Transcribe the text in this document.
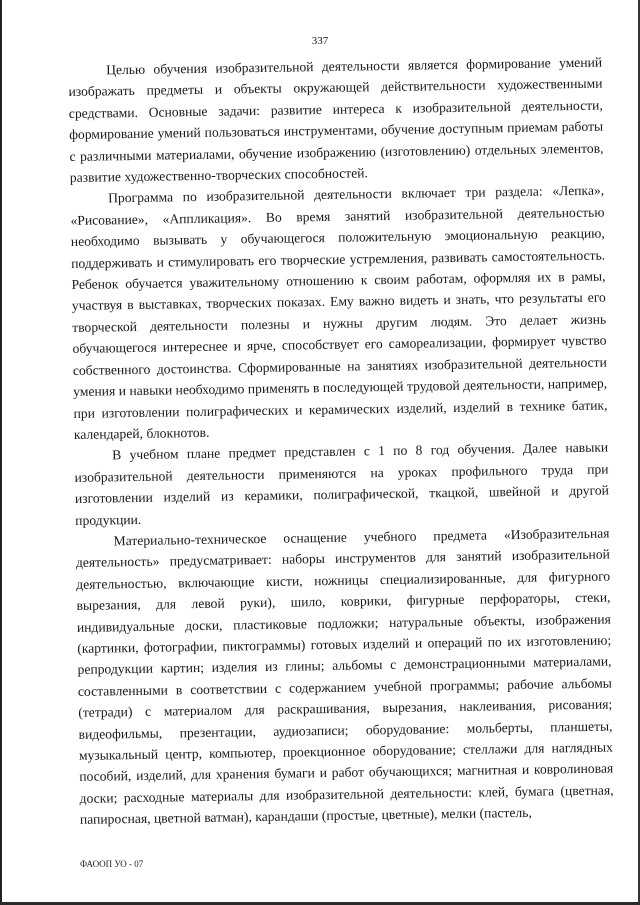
337

Целью обучения изобразительной деятельности является формирование умений изображать предметы и объекты окружающей действительности художественными средствами. Основные задачи: развитие интереса к изобразительной деятельности, формирование умений пользоваться инструментами, обучение доступным приемам работы с различными материалами, обучение изображению (изготовлению) отдельных элементов, развитие художественно-творческих способностей.

Программа по изобразительной деятельности включает три раздела: «Лепка», «Рисование», «Аппликация». Во время занятий изобразительной деятельностью необходимо вызывать у обучающегося положительную эмоциональную реакцию, поддерживать и стимулировать его творческие устремления, развивать самостоятельность. Ребенок обучается уважительному отношению к своим работам, оформляя их в рамы, участвуя в выставках, творческих показах. Ему важно видеть и знать, что результаты его творческой деятельности полезны и нужны другим людям. Это делает жизнь обучающегося интереснее и ярче, способствует его самореализации, формирует чувство собственного достоинства. Сформированные на занятиях изобразительной деятельности умения и навыки необходимо применять в последующей трудовой деятельности, например, при изготовлении полиграфических и керамических изделий, изделий в технике батик, календарей, блокнотов.

В учебном плане предмет представлен с 1 по 8 год обучения. Далее навыки изобразительной деятельности применяются на уроках профильного труда при изготовлении изделий из керамики, полиграфической, ткацкой, швейной и другой продукции.

Материально-техническое оснащение учебного предмета «Изобразительная деятельность» предусматривает: наборы инструментов для занятий изобразительной деятельностью, включающие кисти, ножницы специализированные, для фигурного вырезания, для левой руки), шило, коврики, фигурные перфораторы, стеки, индивидуальные доски, пластиковые подложки; натуральные объекты, изображения (картинки, фотографии, пиктограммы) готовых изделий и операций по их изготовлению; репродукции картин; изделия из глины; альбомы с демонстрационными материалами, составленными в соответствии с содержанием учебной программы; рабочие альбомы (тетради) с материалом для раскрашивания, вырезания, наклеивания, рисования; видеофильмы, презентации, аудиозаписи; оборудование: мольберты, планшеты, музыкальный центр, компьютер, проекционное оборудование; стеллажи для наглядных пособий, изделий, для хранения бумаги и работ обучающихся; магнитная и ковролиновая доски; расходные материалы для изобразительной деятельности: клей, бумага (цветная, папиросная, цветной ватман), карандаши (простые, цветные), мелки (пастель,

ФАООП УО - 07
